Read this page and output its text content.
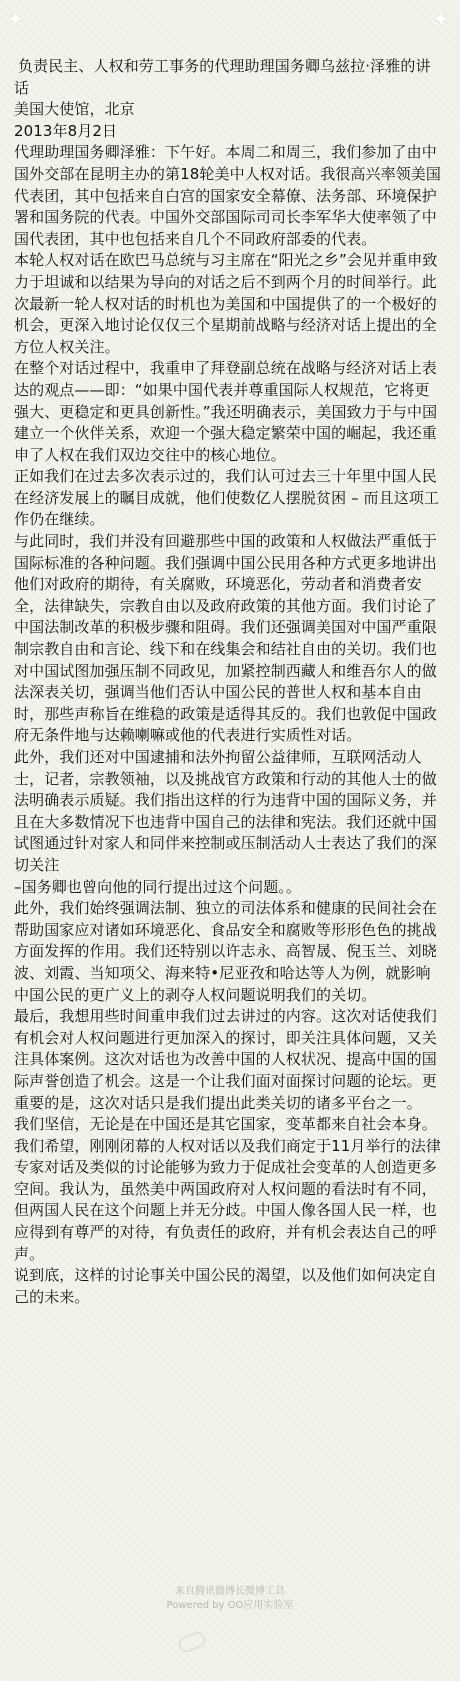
✦	✦

负责民主、人权和劳工事务的代理助理国务卿乌兹拉·泽雅的讲话

美国大使馆，北京

2013年8月2日

代理助理国务卿泽雅：下午好。本周二和周三，我们参加了由中国外交部在昆明主办的第18轮美中人权对话。我很高兴率领美国代表团，其中包括来自白宫的国家安全幕僚、法务部、环境保护署和国务院的代表。中国外交部国际司司长李军华大使率领了中国代表团，其中也包括来自几个不同政府部委的代表。

本轮人权对话在欧巴马总统与习主席在“阳光之乡”会见并重申致力于坦诚和以结果为导向的对话之后不到两个月的时间举行。此次最新一轮人权对话的时机也为美国和中国提供了的一个极好的机会，更深入地讨论仅仅三个星期前战略与经济对话上提出的全方位人权关注。

在整个对话过程中，我重申了拜登副总统在战略与经济对话上表达的观点——即：“如果中国代表并尊重国际人权规范，它将更强大、更稳定和更具创新性。”我还明确表示，美国致力于与中国建立一个伙伴关系，欢迎一个强大稳定繁荣中国的崛起，我还重申了人权在我们双边交往中的核心地位。

正如我们在过去多次表示过的，我们认可过去三十年里中国人民在经济发展上的瞩目成就，他们使数亿人摆脱贫困 – 而且这项工作仍在继续。

与此同时，我们并没有回避那些中国的政策和人权做法严重低于国际标准的各种问题。我们强调中国公民用各种方式更多地讲出他们对政府的期待，有关腐败，环境恶化，劳动者和消费者安全，法律缺失，宗教自由以及政府政策的其他方面。我们讨论了中国法制改革的积极步骤和阻碍。我们还强调美国对中国严重限制宗教自由和言论、线下和在线集会和结社自由的关切。我们也对中国试图加强压制不同政见，加紧控制西藏人和维吾尔人的做法深表关切，强调当他们否认中国公民的普世人权和基本自由时，那些声称旨在维稳的政策是适得其反的。我们也敦促中国政府无条件地与达赖喇嘛或他的代表进行实质性对话。

此外，我们还对中国逮捕和法外拘留公益律师，互联网活动人士，记者，宗教领袖，以及挑战官方政策和行动的其他人士的做法明确表示质疑。我们指出这样的行为违背中国的国际义务，并且在大多数情况下也违背中国自己的法律和宪法。我们还就中国试图通过针对家人和同伴来控制或压制活动人士表达了我们的深切关注

–国务卿也曾向他的同行提出过这个问题。。

此外，我们始终强调法制、独立的司法体系和健康的民间社会在帮助国家应对诸如环境恶化、食品安全和腐败等形形色色的挑战方面发挥的作用。我们还特别以许志永、高智晟、倪玉兰、刘晓波、刘霞、当知项父、海来特•尼亚孜和哈达等人为例，就影响中国公民的更广义上的剥夺人权问题说明我们的关切。

最后，我想用些时间重申我们过去讲过的内容。这次对话使我们有机会对人权问题进行更加深入的探讨，即关注具体问题，又关注具体案例。这次对话也为改善中国的人权状况、提高中国的国际声誉创造了机会。这是一个让我们面对面探讨问题的论坛。更重要的是，这次对话只是我们提出此类关切的诸多平台之一。

我们坚信，无论是在中国还是其它国家，变革都来自社会本身。我们希望，刚刚闭幕的人权对话以及我们商定于11月举行的法律专家对话及类似的讨论能够为致力于促成社会变革的人创造更多空间。我认为，虽然美中两国政府对人权问题的看法时有不同，但两国人民在这个问题上并无分歧。中国人像各国人民一样，也应得到有尊严的对待，有负责任的政府，并有机会表达自己的呼声。

说到底，这样的讨论事关中国公民的渴望，以及他们如何决定自己的未来。

来自腾讯微博长微博工具
Powered by OO应用实验室
